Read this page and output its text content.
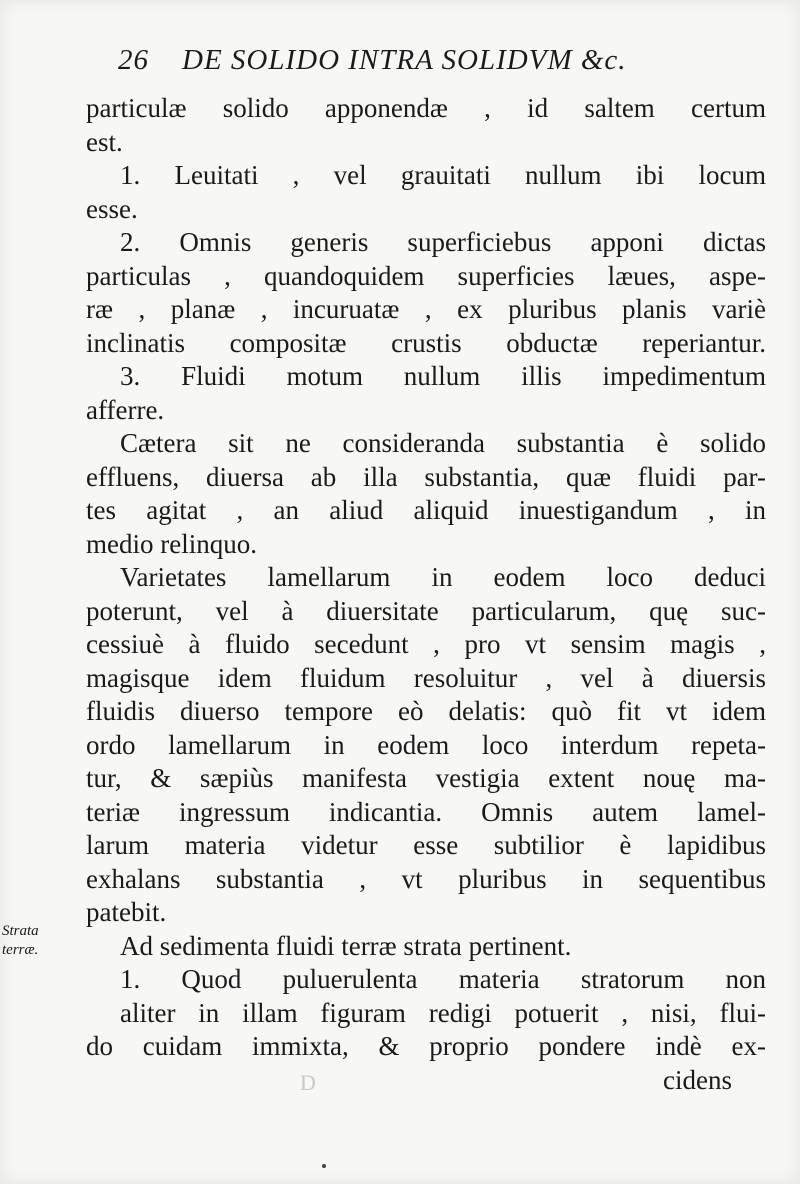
26 DE SOLIDO INTRA SOLIDVM &c.
Strata
terræ.
particulæ solido apponendæ , id saltem certum
est.
1. Leuitati , vel grauitati nullum ibi locum
esse.
2. Omnis generis superficiebus apponi dictas
particulas , quandoquidem superficies læues, aspe-
ræ , planæ , incuruatæ , ex pluribus planis variè
inclinatis compositæ crustis obductæ reperiantur.
3. Fluidi motum nullum illis impedimentum
afferre.
Cætera sit ne consideranda substantia è solido
effluens, diuersa ab illa substantia, quæ fluidi par-
tes agitat , an aliud aliquid inuestigandum , in
medio relinquo.
Varietates lamellarum in eodem loco deduci
poterunt, vel à diuersitate particularum, quę suc-
cessiuè à fluido secedunt , pro vt sensim magis ,
magisque idem fluidum resoluitur , vel à diuersis
fluidis diuerso tempore eò delatis: quò fit vt idem
ordo lamellarum in eodem loco interdum repeta-
tur, & sæpiùs manifesta vestigia extent nouę ma-
teriæ ingressum indicantia. Omnis autem lamel-
larum materia videtur esse subtilior è lapidibus
exhalans substantia , vt pluribus in sequentibus
patebit.
Ad sedimenta fluidi terræ strata pertinent.
1. Quod puluerulenta materia stratorum non
aliter in illam figuram redigi potuerit , nisi, flui-
do cuidam immixta, & proprio pondere indè ex-
cidens
D
